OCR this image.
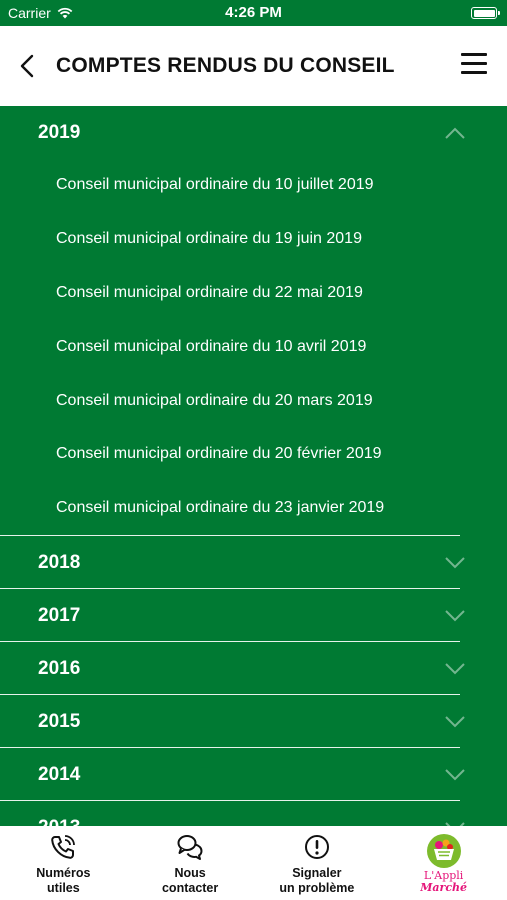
Carrier	4:26 PM
COMPTES RENDUS DU CONSEIL
2019
Conseil municipal ordinaire du 10 juillet 2019
Conseil municipal ordinaire du 19 juin 2019
Conseil municipal ordinaire du 22 mai 2019
Conseil municipal ordinaire du 10 avril 2019
Conseil municipal ordinaire du 20 mars 2019
Conseil municipal ordinaire du 20 février 2019
Conseil municipal ordinaire du 23 janvier 2019
2018
2017
2016
2015
2014
Numéros
utiles
Nous
contacter
Signaler
un problème
L'Appli
Marché
